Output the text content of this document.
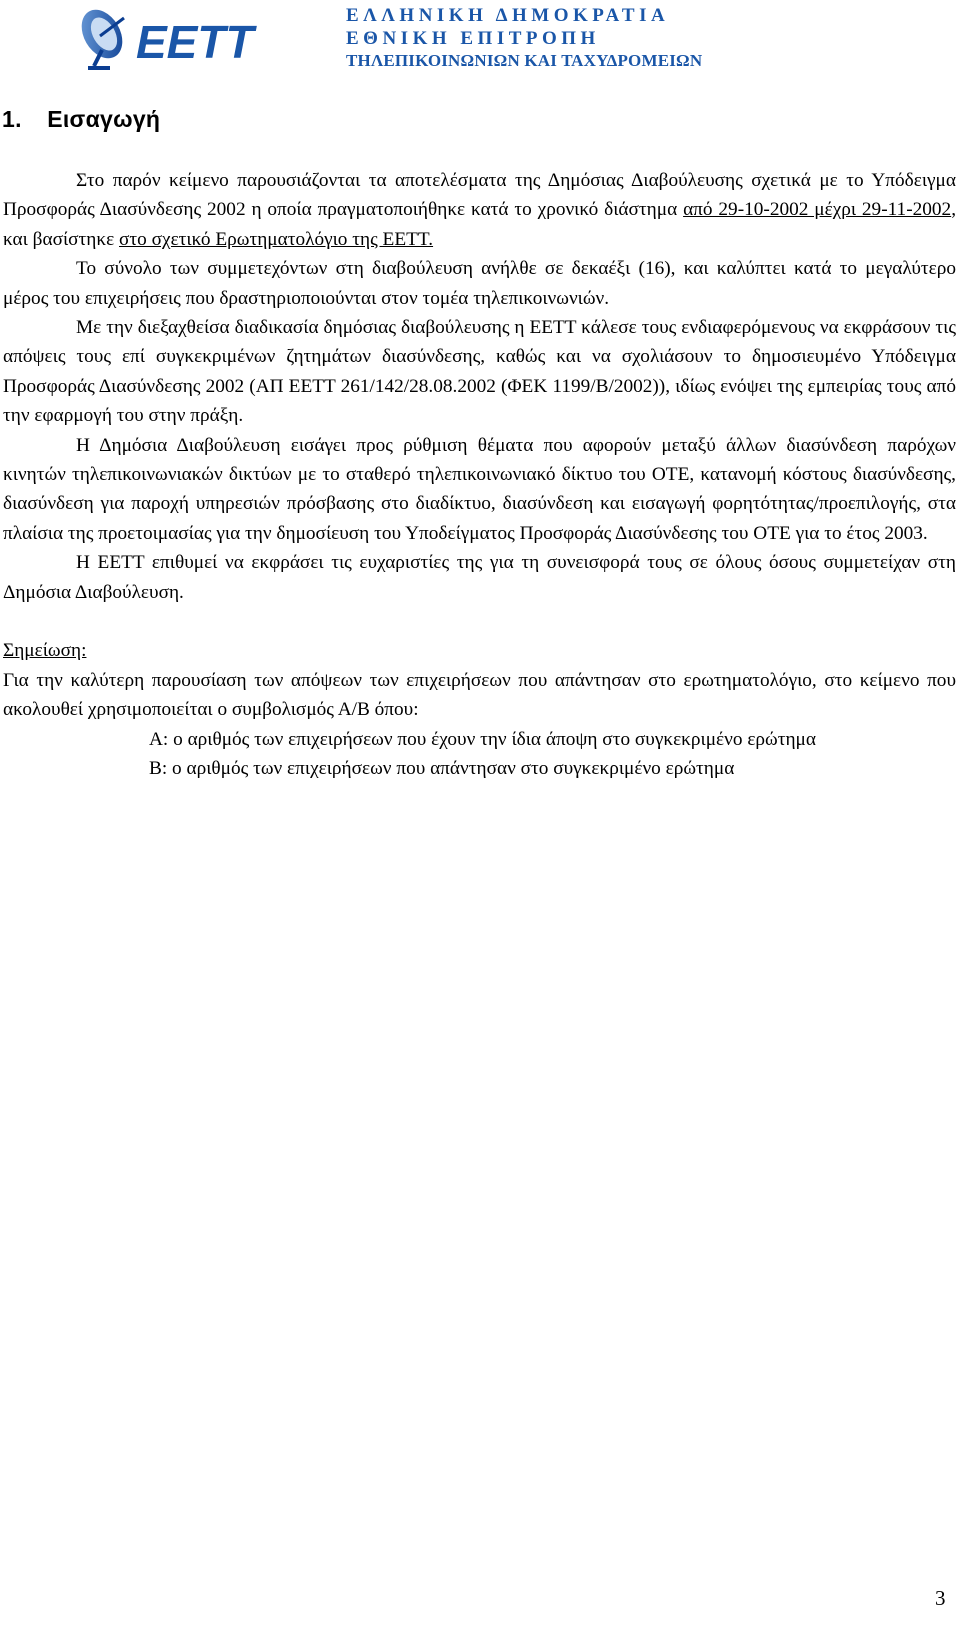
EETT
ΕΛΛΗΝΙΚΗ ΔΗΜΟΚΡΑΤΙΑ
ΕΘΝΙΚΗ ΕΠΙΤΡΟΠΗ
ΤΗΛΕΠΙΚΟΙΝΩΝΙΩΝ ΚΑΙ ΤΑΧΥΔΡΟΜΕΙΩΝ
1. Εισαγωγή

Στο παρόν κείμενο παρουσιάζονται τα αποτελέσματα της Δημόσιας Διαβούλευσης σχετικά με το Υπόδειγμα Προσφοράς Διασύνδεσης 2002 η οποία πραγματοποιήθηκε κατά το χρονικό διάστημα από 29-10-2002 μέχρι 29-11-2002, και βασίστηκε στο σχετικό Ερωτηματολόγιο της ΕΕΤΤ.

Το σύνολο των συμμετεχόντων στη διαβούλευση ανήλθε σε δεκαέξι (16), και καλύπτει κατά το μεγαλύτερο μέρος του επιχειρήσεις που δραστηριοποιούνται στον τομέα τηλεπικοινωνιών.

Με την διεξαχθείσα διαδικασία δημόσιας διαβούλευσης η ΕΕΤΤ κάλεσε τους ενδιαφερόμενους να εκφράσουν τις απόψεις τους επί συγκεκριμένων ζητημάτων διασύνδεσης, καθώς και να σχολιάσουν το δημοσιευμένο Υπόδειγμα Προσφοράς Διασύνδεσης 2002 (ΑΠ ΕΕΤΤ 261/142/28.08.2002 (ΦΕΚ 1199/Β/2002)), ιδίως ενόψει της εμπειρίας τους από την εφαρμογή του στην πράξη.

Η Δημόσια Διαβούλευση εισάγει προς ρύθμιση θέματα που αφορούν μεταξύ άλλων διασύνδεση παρόχων κινητών τηλεπικοινωνιακών δικτύων με το σταθερό τηλεπικοινωνιακό δίκτυο του ΟΤΕ, κατανομή κόστους διασύνδεσης, διασύνδεση για παροχή υπηρεσιών πρόσβασης στο διαδίκτυο, διασύνδεση και εισαγωγή φορητότητας/προεπιλογής, στα πλαίσια της προετοιμασίας για την δημοσίευση του Υποδείγματος Προσφοράς Διασύνδεσης του ΟΤΕ για το έτος 2003.

Η ΕΕΤΤ επιθυμεί να εκφράσει τις ευχαριστίες της για τη συνεισφορά τους σε όλους όσους συμμετείχαν στη Δημόσια Διαβούλευση.

Σημείωση:

Για την καλύτερη παρουσίαση των απόψεων των επιχειρήσεων που απάντησαν στο ερωτηματολόγιο, στο κείμενο που ακολουθεί χρησιμοποιείται ο συμβολισμός Α/Β όπου:

Α: ο αριθμός των επιχειρήσεων που έχουν την ίδια άποψη στο συγκεκριμένο ερώτημα

Β: ο αριθμός των επιχειρήσεων που απάντησαν στο συγκεκριμένο ερώτημα

3
